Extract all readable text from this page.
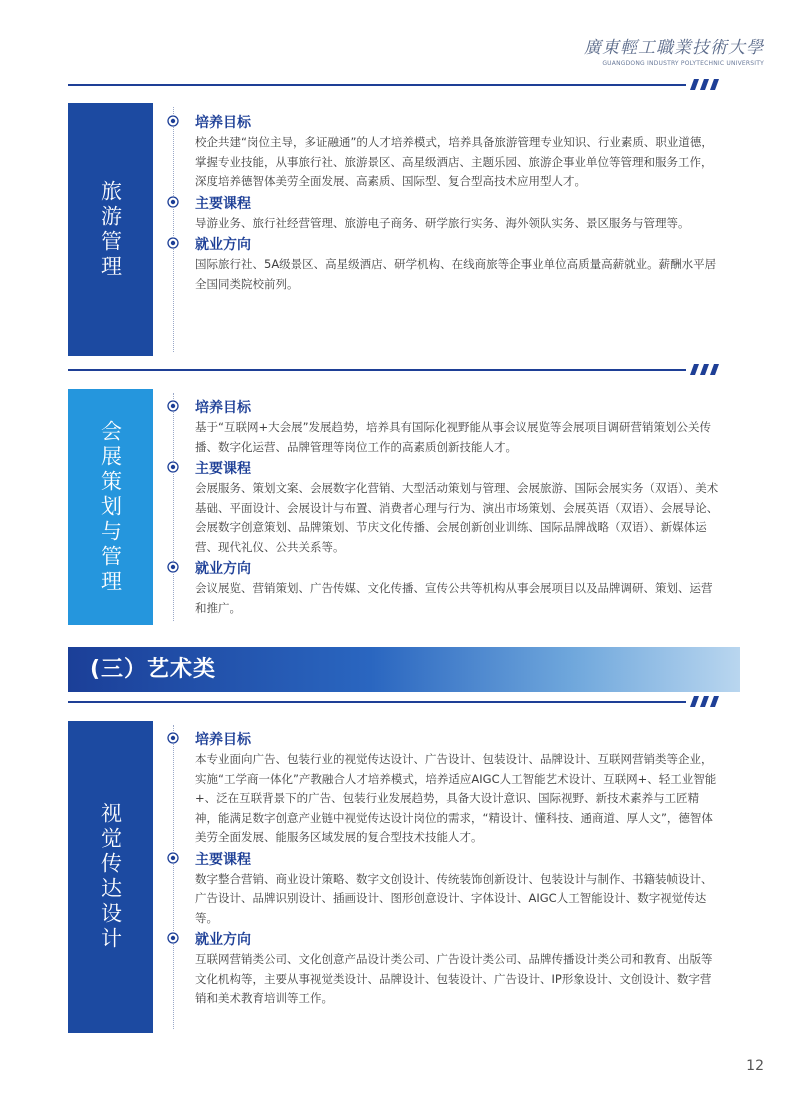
廣東輕工職業技術大學
GUANGDONG INDUSTRY POLYTECHNIC UNIVERSITY
旅游管理
培养目标
校企共建“岗位主导，多证融通”的人才培养模式，培养具备旅游管理专业知识、行业素质、职业道德，掌握专业技能，从事旅行社、旅游景区、高星级酒店、主题乐园、旅游企事业单位等管理和服务工作，深度培养德智体美劳全面发展、高素质、国际型、复合型高技术应用型人才。
主要课程
导游业务、旅行社经营管理、旅游电子商务、研学旅行实务、海外领队实务、景区服务与管理等。
就业方向
国际旅行社、5A级景区、高星级酒店、研学机构、在线商旅等企事业单位高质量高薪就业。薪酬水平居全国同类院校前列。
会展策划与管理
培养目标
基于“互联网+大会展”发展趋势，培养具有国际化视野能从事会议展览等会展项目调研营销策划公关传播、数字化运营、品牌管理等岗位工作的高素质创新技能人才。
主要课程
会展服务、策划文案、会展数字化营销、大型活动策划与管理、会展旅游、国际会展实务（双语）、美术基础、平面设计、会展设计与布置、消费者心理与行为、演出市场策划、会展英语（双语）、会展导论、会展数字创意策划、品牌策划、节庆文化传播、会展创新创业训练、国际品牌战略（双语）、新媒体运营、现代礼仪、公共关系等。
就业方向
会议展览、营销策划、广告传媒、文化传播、宣传公共等机构从事会展项目以及品牌调研、策划、运营和推广。
(三）艺术类
视觉传达设计
培养目标
本专业面向广告、包装行业的视觉传达设计、广告设计、包装设计、品牌设计、互联网营销类等企业，实施“工学商一体化”产教融合人才培养模式，培养适应AIGC人工智能艺术设计、互联网+、轻工业智能+、泛在互联背景下的广告、包装行业发展趋势，具备大设计意识、国际视野、新技术素养与工匠精神，能满足数字创意产业链中视觉传达设计岗位的需求，“精设计、懂科技、通商道、厚人文”，德智体美劳全面发展、能服务区域发展的复合型技术技能人才。
主要课程
数字整合营销、商业设计策略、数字文创设计、传统装饰创新设计、包装设计与制作、书籍装帧设计、广告设计、品牌识别设计、插画设计、图形创意设计、字体设计、AIGC人工智能设计、数字视觉传达等。
就业方向
互联网营销类公司、文化创意产品设计类公司、广告设计类公司、品牌传播设计类公司和教育、出版等文化机构等，主要从事视觉类设计、品牌设计、包装设计、广告设计、IP形象设计、文创设计、数字营销和美术教育培训等工作。
12
